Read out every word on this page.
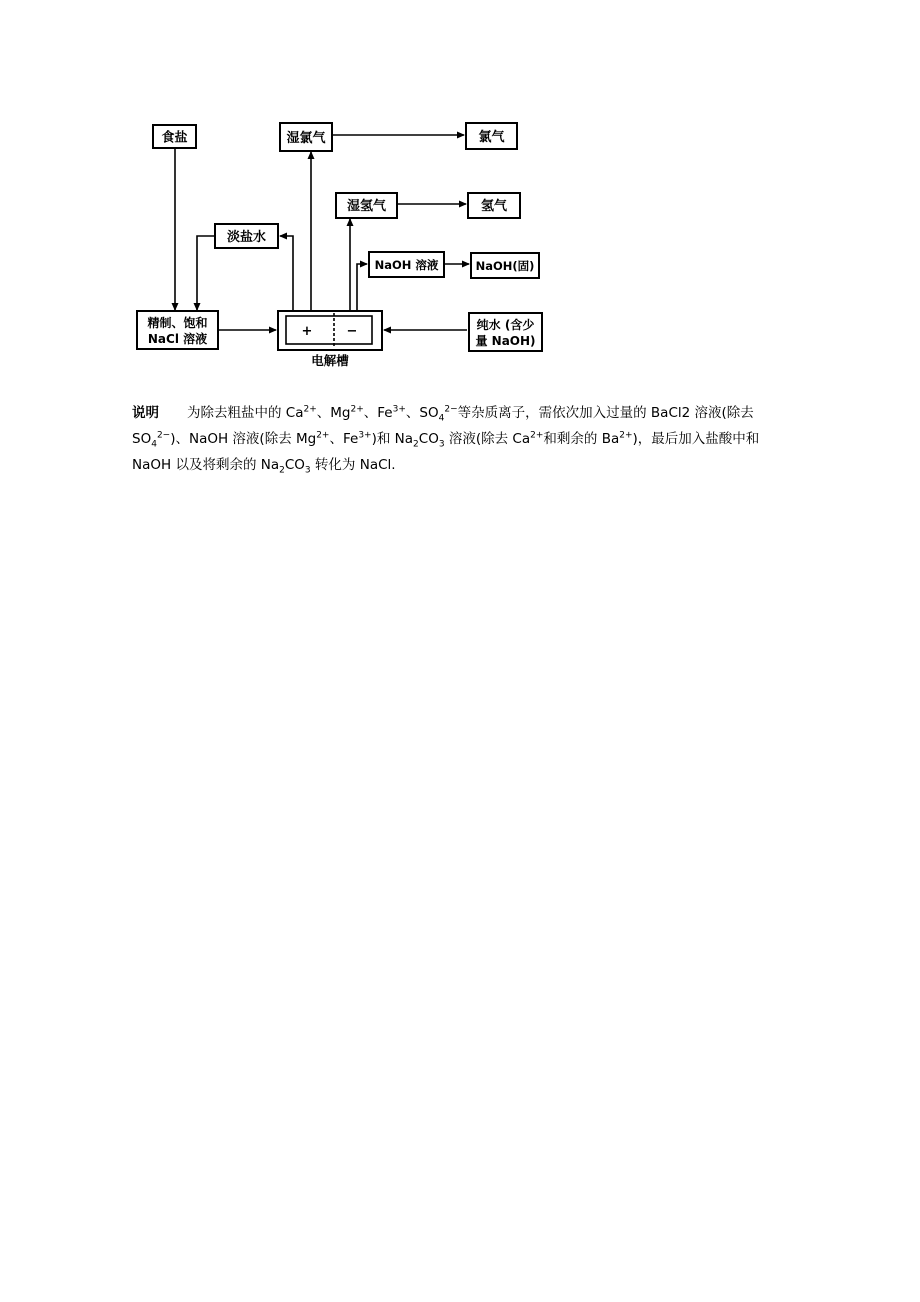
食盐	湿氯气	氯气
湿氢气	氢气
淡盐水
NaOH 溶液	NaOH(固)
精制、饱和
NaCl 溶液	+	−
电解槽
纯水 (含少
量 NaOH)
说明 为除去粗盐中的 $Ca^{2+}$、$Mg^{2+}$、$Fe^{3+}$、$SO_4^{2-}$等杂质离子，需依次加入过量的 BaCl2 溶液(除去 $SO_4^{2-}$)、NaOH 溶液(除去 $Mg^{2+}$、$Fe^{3+}$)和 $Na_2CO_3$ 溶液(除去 $Ca^{2+}$和剩余的 $Ba^{2+}$)，最后加入盐酸中和 NaOH 以及将剩余的 $Na_2CO_3$ 转化为 NaCl.
